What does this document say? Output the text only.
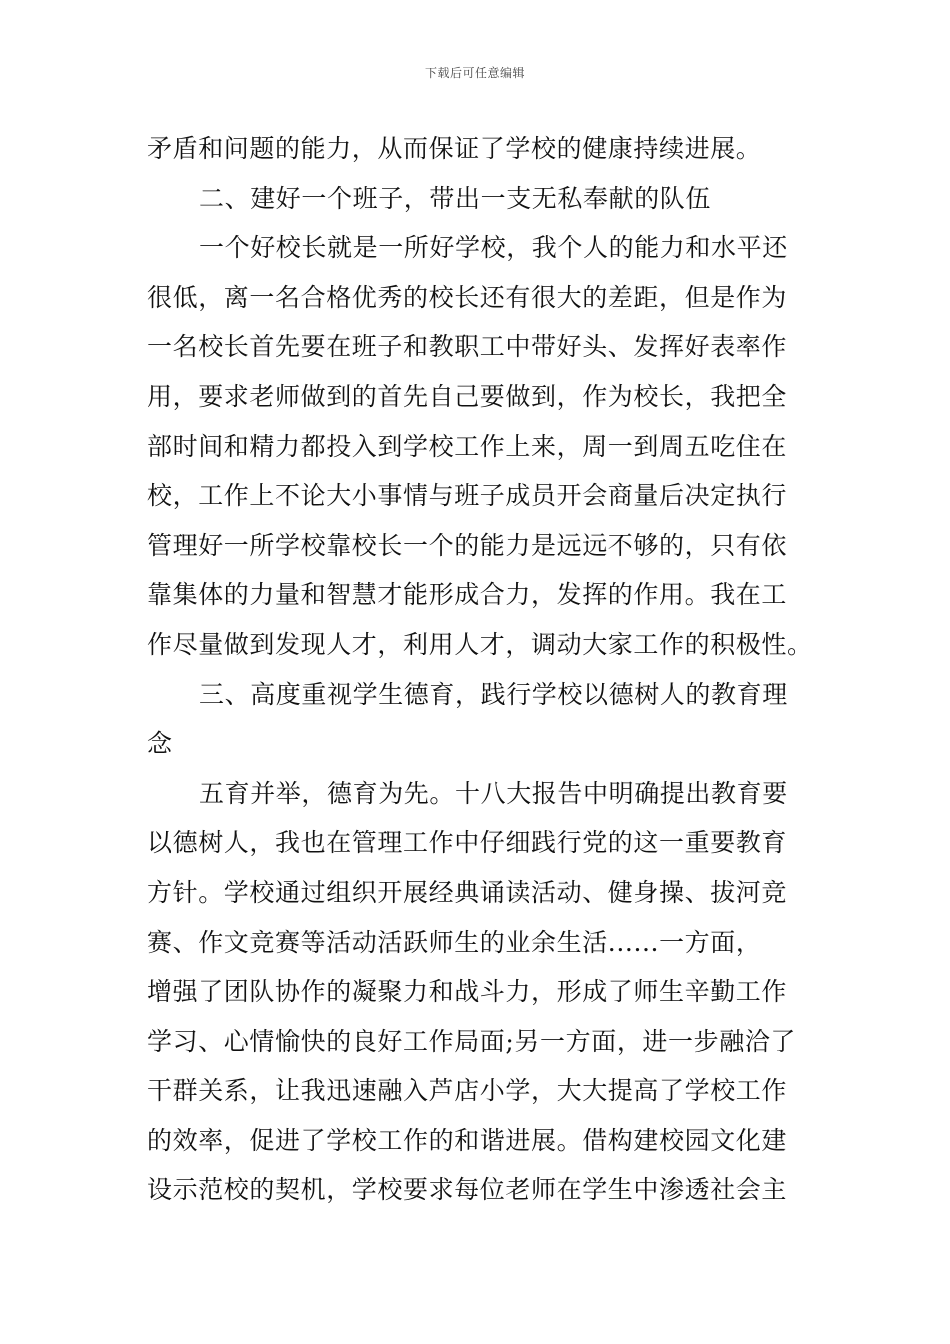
下载后可任意编辑
矛盾和问题的能力，从而保证了学校的健康持续进展。
二、建好一个班子，带出一支无私奉献的队伍
一个好校长就是一所好学校，我个人的能力和水平还
很低，离一名合格优秀的校长还有很大的差距，但是作为
一名校长首先要在班子和教职工中带好头、发挥好表率作
用，要求老师做到的首先自己要做到，作为校长，我把全
部时间和精力都投入到学校工作上来，周一到周五吃住在
校，工作上不论大小事情与班子成员开会商量后决定执行
管理好一所学校靠校长一个的能力是远远不够的，只有依
靠集体的力量和智慧才能形成合力，发挥的作用。我在工
作尽量做到发现人才，利用人才，调动大家工作的积极性。
三、高度重视学生德育，践行学校以德树人的教育理
念
五育并举，德育为先。十八大报告中明确提出教育要
以德树人，我也在管理工作中仔细践行党的这一重要教育
方针。学校通过组织开展经典诵读活动、健身操、拔河竞
赛、作文竞赛等活动活跃师生的业余生活......一方面，
增强了团队协作的凝聚力和战斗力，形成了师生辛勤工作
学习、心情愉快的良好工作局面;另一方面，进一步融洽了
干群关系，让我迅速融入芦店小学，大大提高了学校工作
的效率，促进了学校工作的和谐进展。借构建校园文化建
设示范校的契机，学校要求每位老师在学生中渗透社会主
